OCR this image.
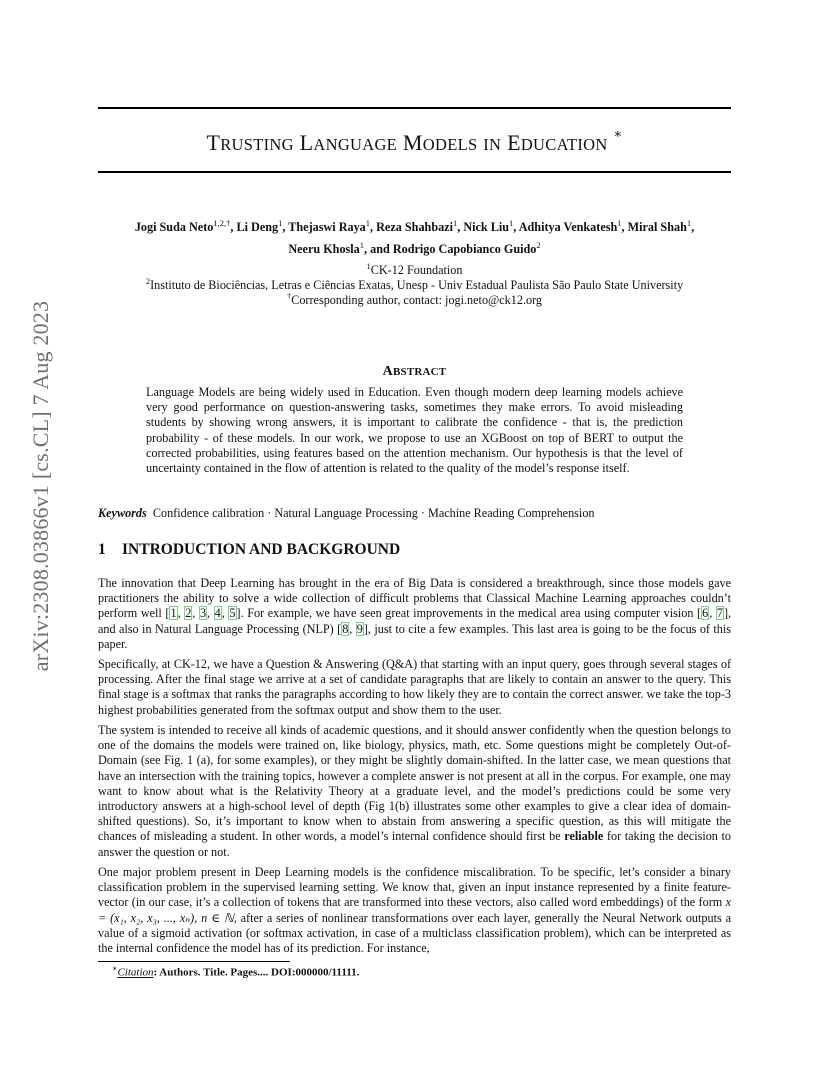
arXiv:2308.03866v1 [cs.CL] 7 Aug 2023
TRUSTING LANGUAGE MODELS IN EDUCATION ∗
Jogi Suda Neto$^{1,2,\dagger}$, Li Deng$^1$, Thejaswi Raya$^1$, Reza Shahbazi$^1$, Nick Liu$^1$, Adhitya Venkatesh$^1$, Miral Shah$^1$,
Neeru Khosla$^1$, and Rodrigo Capobianco Guido$^2$
$^1$CK-12 Foundation
$^2$Instituto de Biociências, Letras e Ciências Exatas, Unesp - Univ Estadual Paulista São Paulo State University
†Corresponding author, contact: jogi.neto@ck12.org
ABSTRACT

Language Models are being widely used in Education. Even though modern deep learning models achieve very good performance on question-answering tasks, sometimes they make errors. To avoid misleading students by showing wrong answers, it is important to calibrate the confidence - that is, the prediction probability - of these models. In our work, we propose to use an XGBoost on top of BERT to output the corrected probabilities, using features based on the attention mechanism. Our hypothesis is that the level of uncertainty contained in the flow of attention is related to the quality of the model’s response itself.

Keywords Confidence calibration · Natural Language Processing · Machine Reading Comprehension

1 INTRODUCTION AND BACKGROUND

The innovation that Deep Learning has brought in the era of Big Data is considered a breakthrough, since those models gave practitioners the ability to solve a wide collection of difficult problems that Classical Machine Learning approaches couldn’t perform well [1, 2, 3, 4, 5]. For example, we have seen great improvements in the medical area using computer vision [6, 7], and also in Natural Language Processing (NLP) [8, 9], just to cite a few examples. This last area is going to be the focus of this paper.

Specifically, at CK-12, we have a Question & Answering (Q&A) that starting with an input query, goes through several stages of processing. After the final stage we arrive at a set of candidate paragraphs that are likely to contain an answer to the query. This final stage is a softmax that ranks the paragraphs according to how likely they are to contain the correct answer. we take the top-3 highest probabilities generated from the softmax output and show them to the user.

The system is intended to receive all kinds of academic questions, and it should answer confidently when the question belongs to one of the domains the models were trained on, like biology, physics, math, etc. Some questions might be completely Out-of-Domain (see Fig. 1 (a), for some examples), or they might be slightly domain-shifted. In the latter case, we mean questions that have an intersection with the training topics, however a complete answer is not present at all in the corpus. For example, one may want to know about what is the Relativity Theory at a graduate level, and the model’s predictions could be some very introductory answers at a high-school level of depth (Fig 1(b) illustrates some other examples to give a clear idea of domain-shifted questions). So, it’s important to know when to abstain from answering a specific question, as this will mitigate the chances of misleading a student. In other words, a model’s internal confidence should first be reliable for taking the decision to answer the question or not.

One major problem present in Deep Learning models is the confidence miscalibration. To be specific, let’s consider a binary classification problem in the supervised learning setting. We know that, given an input instance represented by a finite feature-vector (in our case, it’s a collection of tokens that are transformed into these vectors, also called word embeddings) of the form x = (x₁, x₂, x₃, ..., xₙ), n ∈ ℕ, after a series of nonlinear transformations over each layer, generally the Neural Network outputs a value of a sigmoid activation (or softmax activation, in case of a multiclass classification problem), which can be interpreted as the internal confidence the model has of its prediction. For instance,

∗Citation: Authors. Title. Pages.... DOI:000000/11111.
